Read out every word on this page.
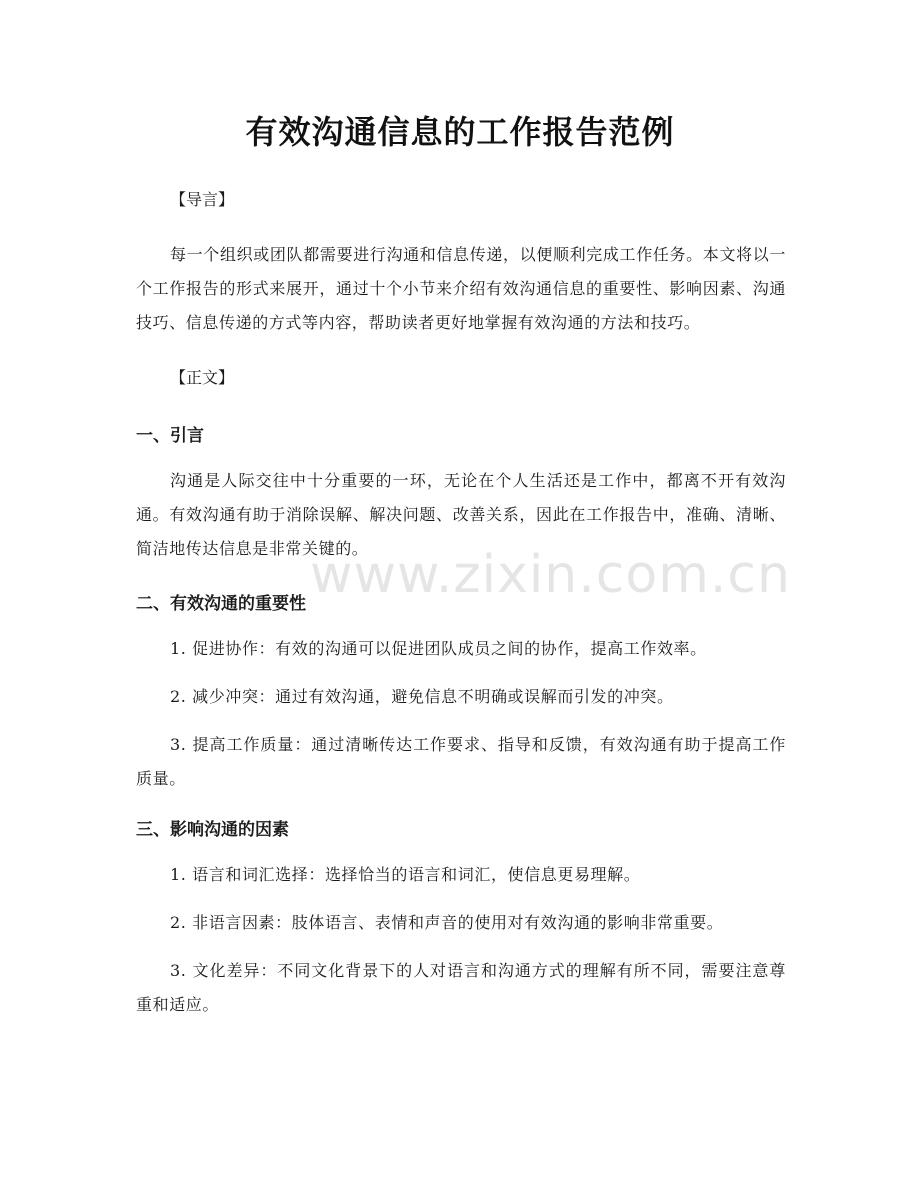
有效沟通信息的工作报告范例

【导言】

每一个组织或团队都需要进行沟通和信息传递，以便顺利完成工作任务。本文将以一个工作报告的形式来展开，通过十个小节来介绍有效沟通信息的重要性、影响因素、沟通技巧、信息传递的方式等内容，帮助读者更好地掌握有效沟通的方法和技巧。

【正文】

一、引言

沟通是人际交往中十分重要的一环，无论在个人生活还是工作中，都离不开有效沟通。有效沟通有助于消除误解、解决问题、改善关系，因此在工作报告中，准确、清晰、简洁地传达信息是非常关键的。

二、有效沟通的重要性

1. 促进协作：有效的沟通可以促进团队成员之间的协作，提高工作效率。

2. 减少冲突：通过有效沟通，避免信息不明确或误解而引发的冲突。

3. 提高工作质量：通过清晰传达工作要求、指导和反馈，有效沟通有助于提高工作质量。

三、影响沟通的因素

1. 语言和词汇选择：选择恰当的语言和词汇，使信息更易理解。

2. 非语言因素：肢体语言、表情和声音的使用对有效沟通的影响非常重要。

3. 文化差异：不同文化背景下的人对语言和沟通方式的理解有所不同，需要注意尊重和适应。

www.zixin.com.cn
